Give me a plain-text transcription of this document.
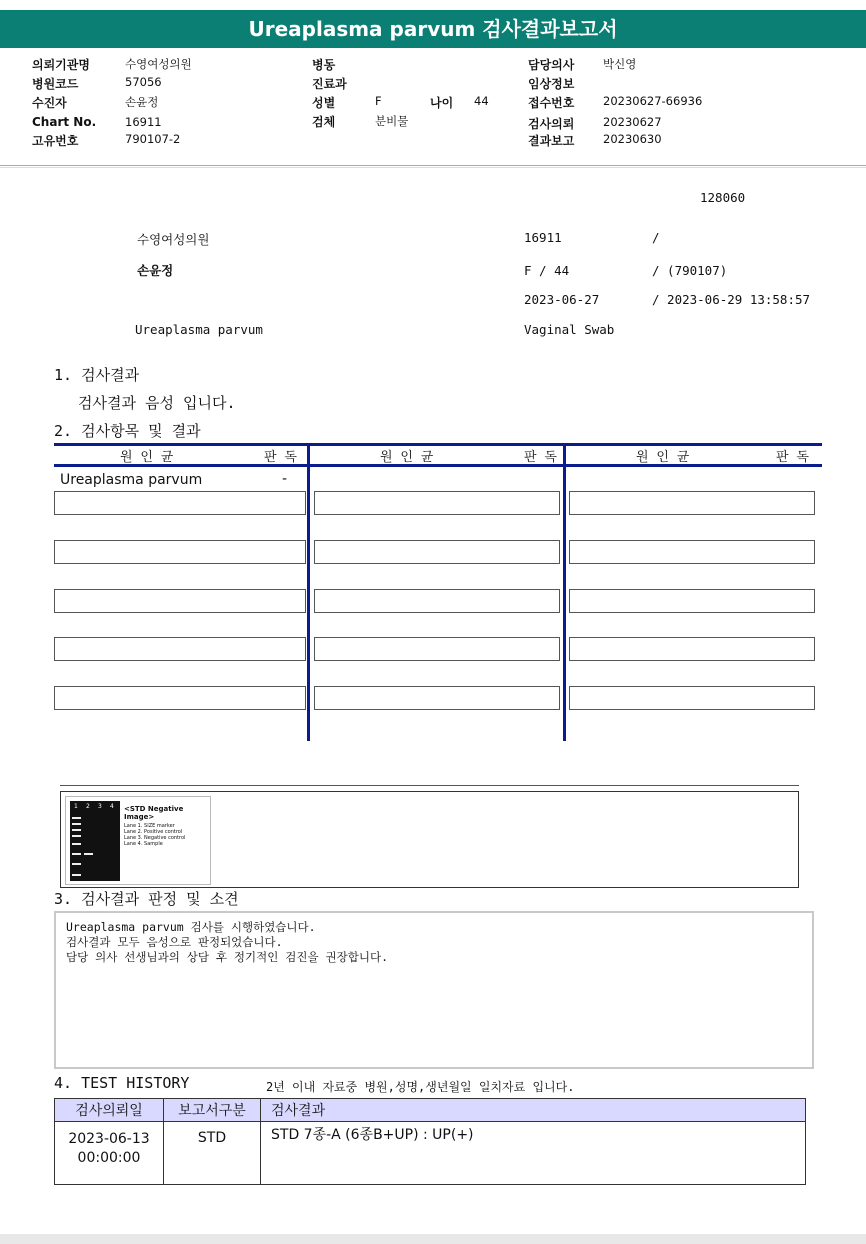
Ureaplasma parvum 검사결과보고서
의뢰기관명	수영여성의원
병원코드	57056
수진자	손윤정
Chart No.	16911
고유번호	790107-2
병동
진료과
성별	F	나이 44
검체	분비물
담당의사 박신영
임상정보
접수번호 20230627-66936
검사의뢰 20230627
결과보고 20230630
128060
수영여성의원	16911	/
손윤정	F / 44	/ (790107)
2023-06-27	/ 2023-06-29 13:58:57
Ureaplasma parvum	Vaginal Swab
1. 검사결과
검사결과 음성 입니다.
2. 검사항목 및 결과
원 인 균	판 독	원 인 균	판 독	원 인 균	판 독
Ureaplasma parvum	-
1 2 3 4 <STD Negative Image>
Lane 1. SIZE marker
Lane 2. Positive control
Lane 3. Negative control
Lane 4. Sample
3. 검사결과 판정 및 소견
Ureaplasma parvum 검사를 시행하였습니다.
검사결과 모두 음성으로 판정되었습니다.
담당 의사 선생님과의 상담 후 정기적인 검진을 권장합니다.
4. TEST HISTORY	2년 이내 자료중 병원,성명,생년월일 일치자료 입니다.
검사의뢰일	보고서구분	검사결과

2023-06-13
00:00:00	STD	STD 7종-A (6종B+UP) : UP(+)
